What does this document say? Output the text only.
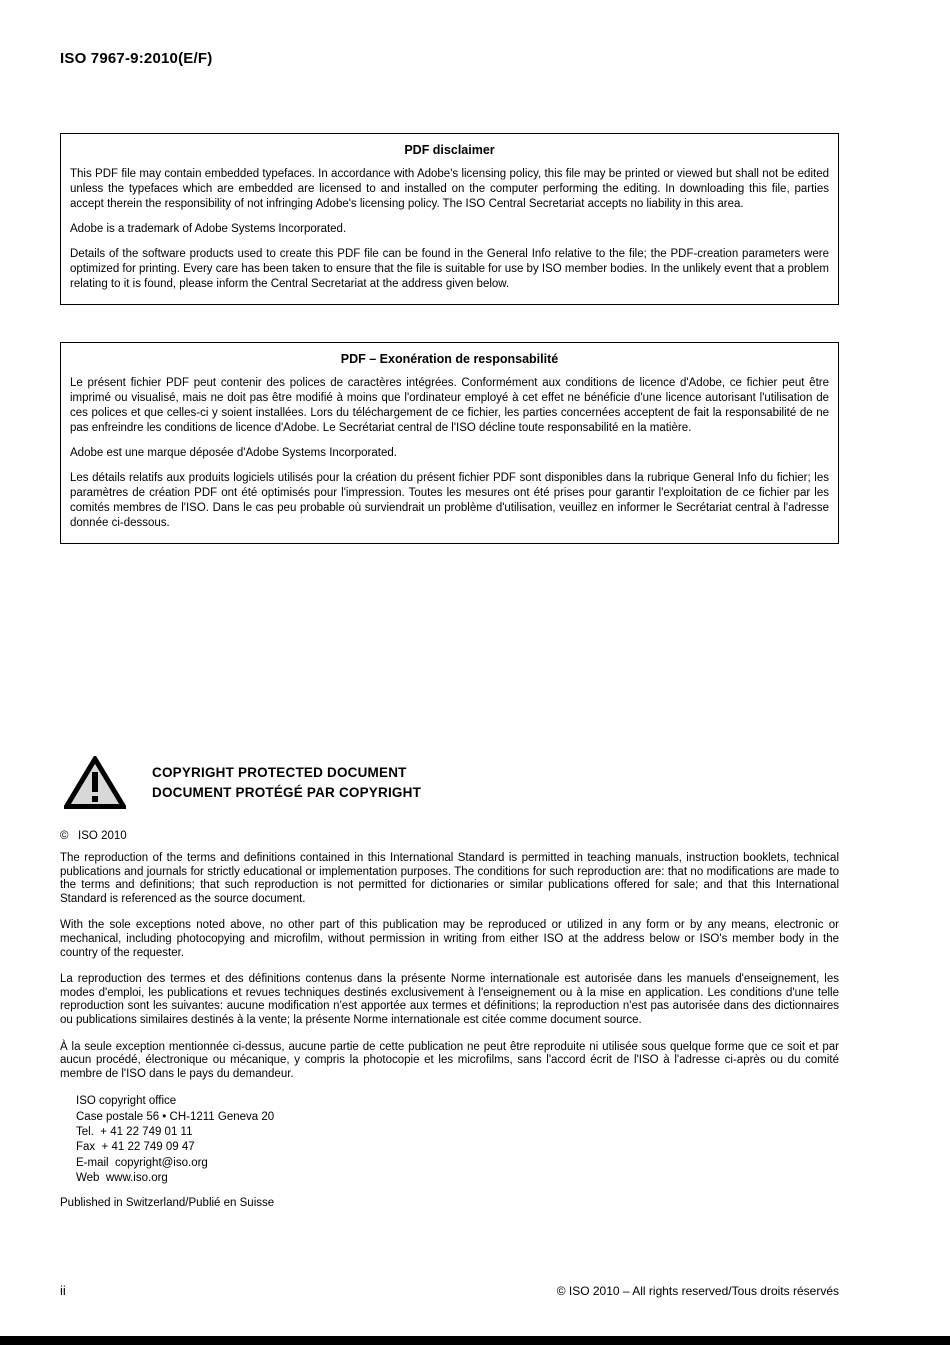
ISO 7967-9:2010(E/F)
PDF disclaimer

This PDF file may contain embedded typefaces. In accordance with Adobe's licensing policy, this file may be printed or viewed but shall not be edited unless the typefaces which are embedded are licensed to and installed on the computer performing the editing. In downloading this file, parties accept therein the responsibility of not infringing Adobe's licensing policy. The ISO Central Secretariat accepts no liability in this area.

Adobe is a trademark of Adobe Systems Incorporated.

Details of the software products used to create this PDF file can be found in the General Info relative to the file; the PDF-creation parameters were optimized for printing. Every care has been taken to ensure that the file is suitable for use by ISO member bodies. In the unlikely event that a problem relating to it is found, please inform the Central Secretariat at the address given below.

PDF – Exonération de responsabilité

Le présent fichier PDF peut contenir des polices de caractères intégrées. Conformément aux conditions de licence d'Adobe, ce fichier peut être imprimé ou visualisé, mais ne doit pas être modifié à moins que l'ordinateur employé à cet effet ne bénéficie d'une licence autorisant l'utilisation de ces polices et que celles-ci y soient installées. Lors du téléchargement de ce fichier, les parties concernées acceptent de fait la responsabilité de ne pas enfreindre les conditions de licence d'Adobe. Le Secrétariat central de l'ISO décline toute responsabilité en la matière.

Adobe est une marque déposée d'Adobe Systems Incorporated.

Les détails relatifs aux produits logiciels utilisés pour la création du présent fichier PDF sont disponibles dans la rubrique General Info du fichier; les paramètres de création PDF ont été optimisés pour l'impression. Toutes les mesures ont été prises pour garantir l'exploitation de ce fichier par les comités membres de l'ISO. Dans le cas peu probable où surviendrait un problème d'utilisation, veuillez en informer le Secrétariat central à l'adresse donnée ci-dessous.

COPYRIGHT PROTECTED DOCUMENT
DOCUMENT PROTÉGÉ PAR COPYRIGHT
©   ISO 2010

The reproduction of the terms and definitions contained in this International Standard is permitted in teaching manuals, instruction booklets, technical publications and journals for strictly educational or implementation purposes. The conditions for such reproduction are: that no modifications are made to the terms and definitions; that such reproduction is not permitted for dictionaries or similar publications offered for sale; and that this International Standard is referenced as the source document.

With the sole exceptions noted above, no other part of this publication may be reproduced or utilized in any form or by any means, electronic or mechanical, including photocopying and microfilm, without permission in writing from either ISO at the address below or ISO's member body in the country of the requester.

La reproduction des termes et des définitions contenus dans la présente Norme internationale est autorisée dans les manuels d'enseignement, les modes d'emploi, les publications et revues techniques destinés exclusivement à l'enseignement ou à la mise en application. Les conditions d'une telle reproduction sont les suivantes: aucune modification n'est apportée aux termes et définitions; la reproduction n'est pas autorisée dans des dictionnaires ou publications similaires destinés à la vente; la présente Norme internationale est citée comme document source.

À la seule exception mentionnée ci-dessus, aucune partie de cette publication ne peut être reproduite ni utilisée sous quelque forme que ce soit et par aucun procédé, électronique ou mécanique, y compris la photocopie et les microfilms, sans l'accord écrit de l'ISO à l'adresse ci-après ou du comité membre de l'ISO dans le pays du demandeur.

ISO copyright office
Case postale 56 • CH-1211 Geneva 20
Tel.  + 41 22 749 01 11
Fax  + 41 22 749 09 47
E-mail  copyright@iso.org
Web  www.iso.org
Published in Switzerland/Publié en Suisse
ii	© ISO 2010 – All rights reserved/Tous droits réservés
